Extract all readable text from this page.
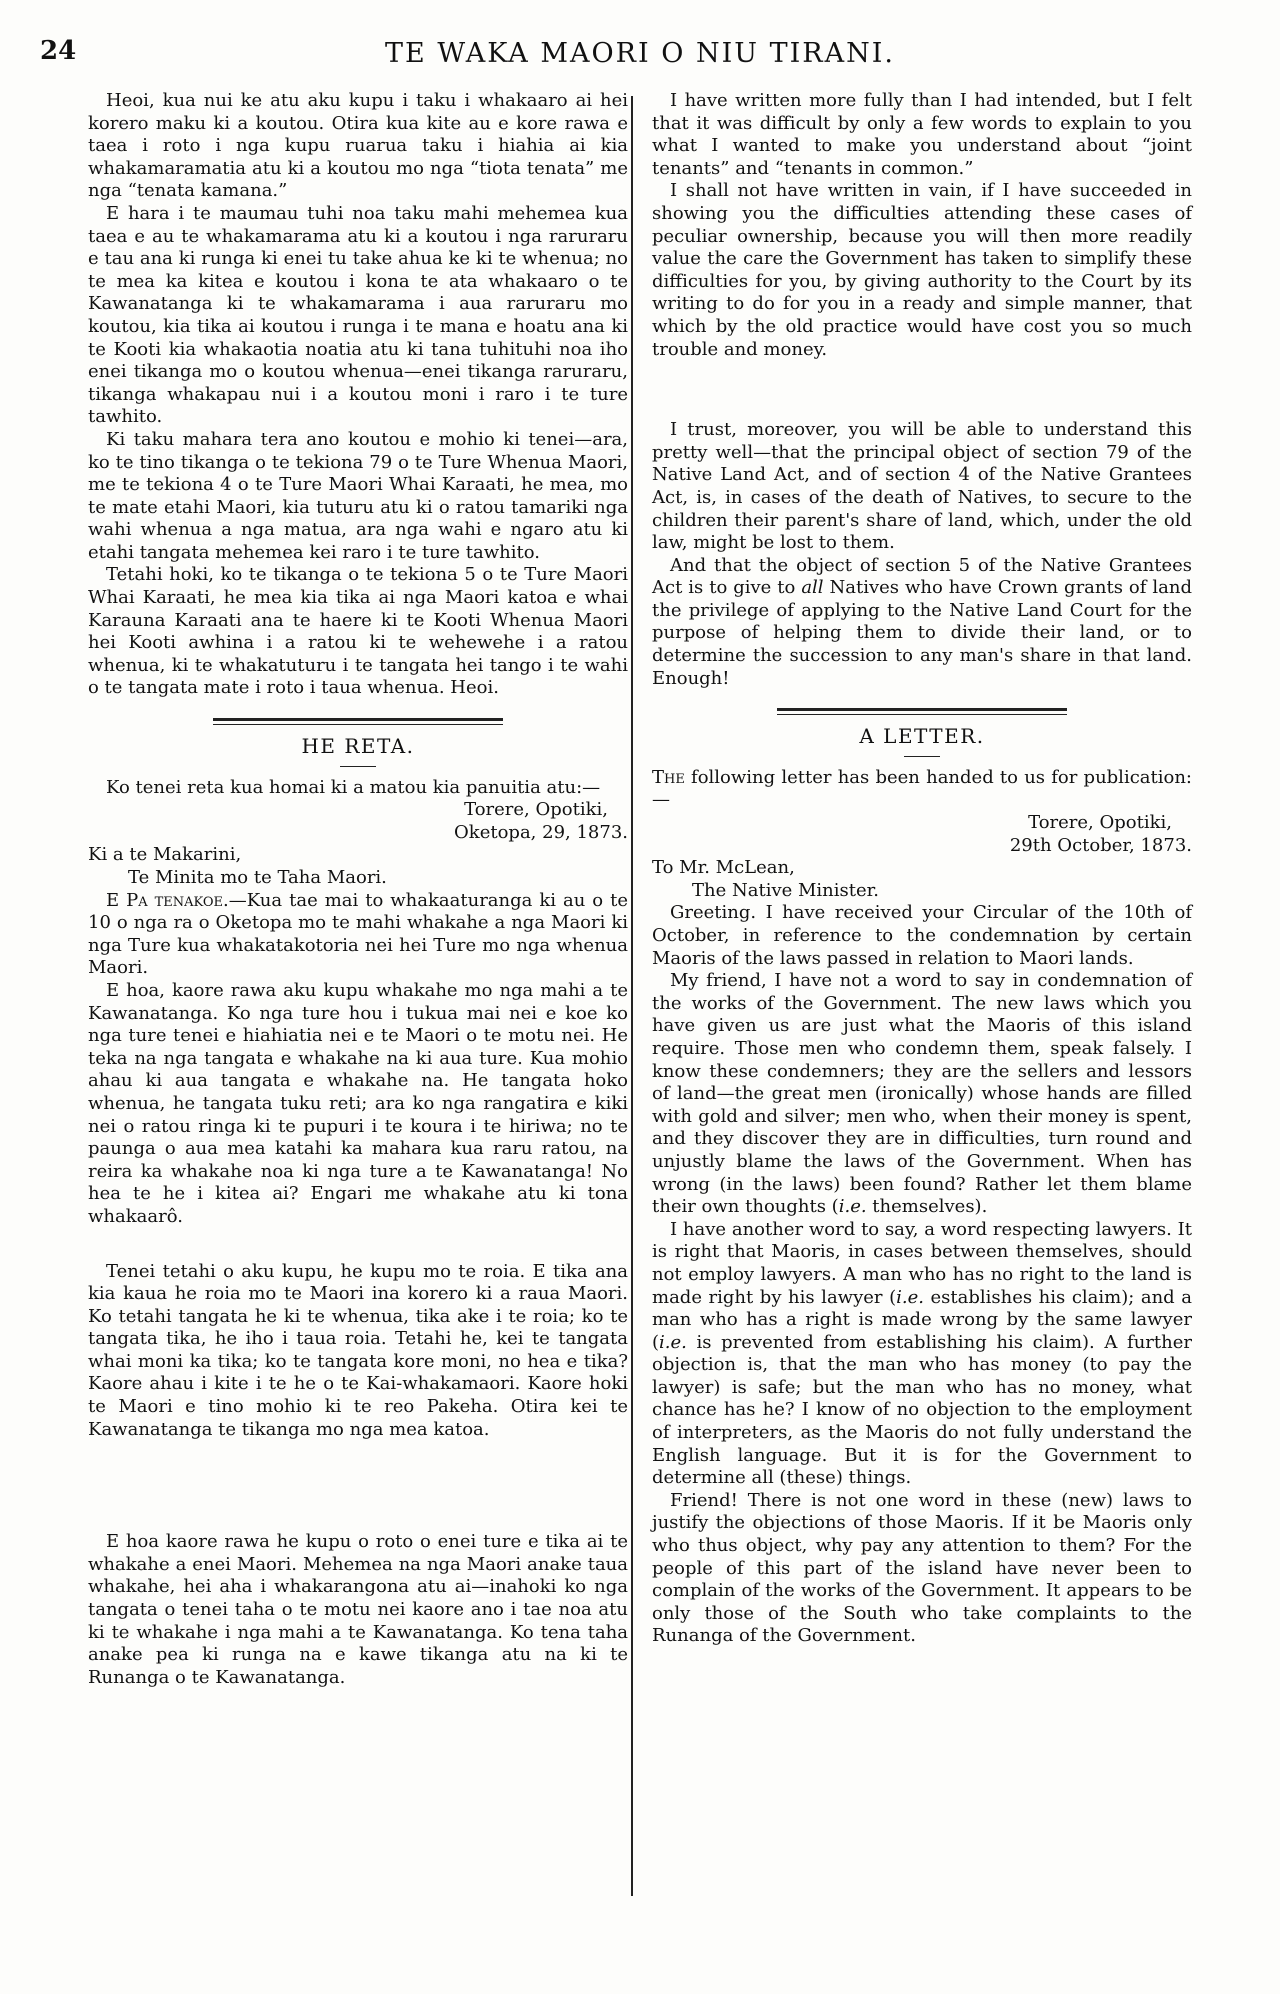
24	TE WAKA MAORI O NIU TIRANI.

Heoi, kua nui ke atu aku kupu i taku i whakaaro ai hei korero maku ki a koutou. Otira kua kite au e kore rawa e taea i roto i nga kupu ruarua taku i hiahia ai kia whakamaramatia atu ki a koutou mo nga “tiota tenata” me nga “tenata kamana.”

E hara i te maumau tuhi noa taku mahi mehemea kua taea e au te whakamarama atu ki a koutou i nga raruraru e tau ana ki runga ki enei tu take ahua ke ki te whenua; no te mea ka kitea e koutou i kona te ata whakaaro o te Kawanatanga ki te whakamarama i aua raruraru mo koutou, kia tika ai koutou i runga i te mana e hoatu ana ki te Kooti kia whakaotia noatia atu ki tana tuhituhi noa iho enei tikanga mo o koutou whenua—enei tikanga raruraru, tikanga whakapau nui i a koutou moni i raro i te ture tawhito.

Ki taku mahara tera ano koutou e mohio ki tenei—ara, ko te tino tikanga o te tekiona 79 o te Ture Whenua Maori, me te tekiona 4 o te Ture Maori Whai Karaati, he mea, mo te mate etahi Maori, kia tuturu atu ki o ratou tamariki nga wahi whenua a nga matua, ara nga wahi e ngaro atu ki etahi tangata mehemea kei raro i te ture tawhito.

Tetahi hoki, ko te tikanga o te tekiona 5 o te Ture Maori Whai Karaati, he mea kia tika ai nga Maori katoa e whai Karauna Karaati ana te haere ki te Kooti Whenua Maori hei Kooti awhina i a ratou ki te wehewehe i a ratou whenua, ki te whakatuturu i te tangata hei tango i te wahi o te tangata mate i roto i taua whenua. Heoi.

HE RETA.

Ko tenei reta kua homai ki a matou kia panuitia atu:—

Torere, Opotiki,
Oketopa, 29, 1873.

Ki a te Makarini,

Te Minita mo te Taha Maori.

E Pa tenakoe.—Kua tae mai to whakaaturanga ki au o te 10 o nga ra o Oketopa mo te mahi whakahe a nga Maori ki nga Ture kua whakatakotoria nei hei Ture mo nga whenua Maori.

E hoa, kaore rawa aku kupu whakahe mo nga mahi a te Kawanatanga. Ko nga ture hou i tukua mai nei e koe ko nga ture tenei e hiahiatia nei e te Maori o te motu nei. He teka na nga tangata e whakahe na ki aua ture. Kua mohio ahau ki aua tangata e whakahe na. He tangata hoko whenua, he tangata tuku reti; ara ko nga rangatira e kiki nei o ratou ringa ki te pupuri i te koura i te hiriwa; no te paunga o aua mea katahi ka mahara kua raru ratou, na reira ka whakahe noa ki nga ture a te Kawanatanga! No hea te he i kitea ai? Engari me whakahe atu ki tona whakaarô.

Tenei tetahi o aku kupu, he kupu mo te roia. E tika ana kia kaua he roia mo te Maori ina korero ki a raua Maori. Ko tetahi tangata he ki te whenua, tika ake i te roia; ko te tangata tika, he iho i taua roia. Tetahi he, kei te tangata whai moni ka tika; ko te tangata kore moni, no hea e tika? Kaore ahau i kite i te he o te Kai-whakamaori. Kaore hoki te Maori e tino mohio ki te reo Pakeha. Otira kei te Kawanatanga te tikanga mo nga mea katoa.

E hoa kaore rawa he kupu o roto o enei ture e tika ai te whakahe a enei Maori. Mehemea na nga Maori anake taua whakahe, hei aha i whakarangona atu ai—inahoki ko nga tangata o tenei taha o te motu nei kaore ano i tae noa atu ki te whakahe i nga mahi a te Kawanatanga. Ko tena taha anake pea ki runga na e kawe tikanga atu na ki te Runanga o te Kawanatanga.

I have written more fully than I had intended, but I felt that it was difficult by only a few words to explain to you what I wanted to make you understand about “joint tenants” and “tenants in common.”

I shall not have written in vain, if I have succeeded in showing you the difficulties attending these cases of peculiar ownership, because you will then more readily value the care the Government has taken to simplify these difficulties for you, by giving authority to the Court by its writing to do for you in a ready and simple manner, that which by the old practice would have cost you so much trouble and money.

I trust, moreover, you will be able to understand this pretty well—that the principal object of section 79 of the Native Land Act, and of section 4 of the Native Grantees Act, is, in cases of the death of Natives, to secure to the children their parent's share of land, which, under the old law, might be lost to them.

And that the object of section 5 of the Native Grantees Act is to give to all Natives who have Crown grants of land the privilege of applying to the Native Land Court for the purpose of helping them to divide their land, or to determine the succession to any man's share in that land. Enough!

A LETTER.

The following letter has been handed to us for publication:—

Torere, Opotiki,
29th October, 1873.

To Mr. McLean,

The Native Minister.

Greeting. I have received your Circular of the 10th of October, in reference to the condemnation by certain Maoris of the laws passed in relation to Maori lands.

My friend, I have not a word to say in condemnation of the works of the Government. The new laws which you have given us are just what the Maoris of this island require. Those men who condemn them, speak falsely. I know these condemners; they are the sellers and lessors of land—the great men (ironically) whose hands are filled with gold and silver; men who, when their money is spent, and they discover they are in difficulties, turn round and unjustly blame the laws of the Government. When has wrong (in the laws) been found? Rather let them blame their own thoughts (i.e. themselves).

I have another word to say, a word respecting lawyers. It is right that Maoris, in cases between themselves, should not employ lawyers. A man who has no right to the land is made right by his lawyer (i.e. establishes his claim); and a man who has a right is made wrong by the same lawyer (i.e. is prevented from establishing his claim). A further objection is, that the man who has money (to pay the lawyer) is safe; but the man who has no money, what chance has he? I know of no objection to the employment of interpreters, as the Maoris do not fully understand the English language. But it is for the Government to determine all (these) things.

Friend! There is not one word in these (new) laws to justify the objections of those Maoris. If it be Maoris only who thus object, why pay any attention to them? For the people of this part of the island have never been to complain of the works of the Government. It appears to be only those of the South who take complaints to the Runanga of the Government.
